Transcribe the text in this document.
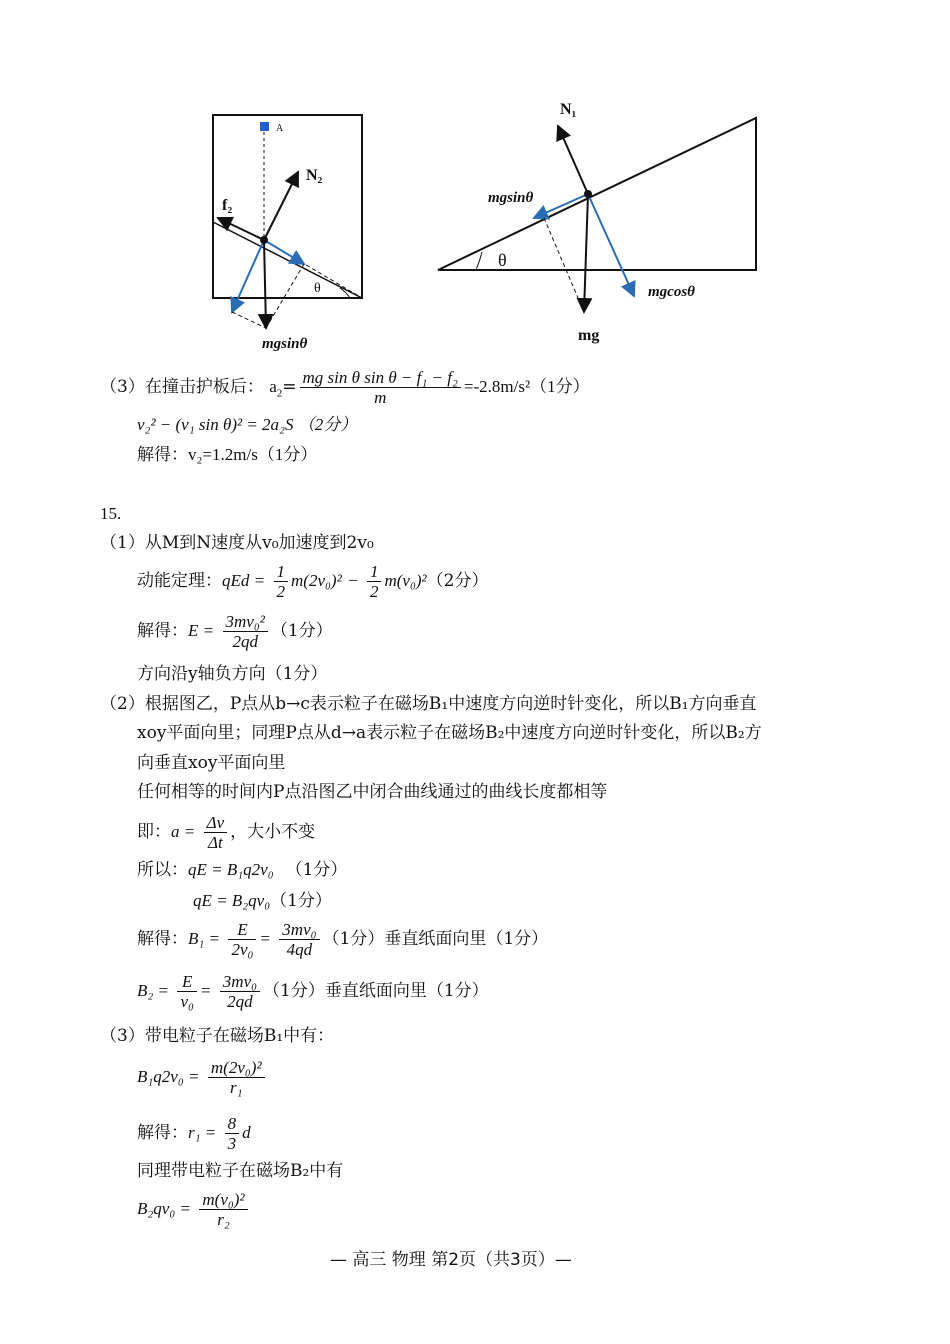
A
θ
N₂
f₂
mgsinθ
θ
N₁
mgsinθ
mgcosθ
mg
（3）在撞击护板后： $a_2= \frac{\text{mg sin θ sin θ − f₁ − f₂}}{m} =-2.8m/s^2(1$分）
v₂² − (v₁ sin θ)² = 2a₂S （2分）
解得：v₂=1.2m/s（1分）
15.
（1）从M到N速度从v₀加速度到2v₀
动能定理：qEd = $\frac{1}{2} m(2v_0)^2 - \frac{1}{2} m(v_0)^2(2$分）
解得：$E = \frac{\text{3mv₀²}}{2qd} (1$分）
方向沿y轴负方向（1分）
（2）根据图乙，P点从b→c表示粒子在磁场B₁中速度方向逆时针变化，所以B₁方向垂直
xoy平面向里；同理P点从d→a表示粒子在磁场B₂中速度方向逆时针变化，所以B₂方
向垂直xoy平面向里
任何相等的时间内P点沿图乙中闭合曲线通过的曲线长度都相等
即：$a = \frac{\Delta v}{\Delta t}$ ，大小不变
所以：qE = B₁q2v₀ （1分）
qE = B₂qv₀（1分）
解得：$B_1 = \frac{E}{\text{2v₀}} = \frac{\text{3mv₀}}{4qd} (1$分）垂直纸面向里（1分）
$B_2 = \frac{E}{\text{v₀}} = \frac{\text{3mv₀}}{2qd} (1$分）垂直纸面向里（1分）
（3）带电粒子在磁场B₁中有：
$B_1q2v_0 = \frac{\text{m(2v₀)²}}{\text{r₁}}$
解得：$r_1 = \frac{8}{3}$ d
同理带电粒子在磁场B₂中有
$B_2qv_0 = \frac{\text{m(v₀)²}}{\text{r₂}}$
— 高三 物理 第2页（共3页）—
